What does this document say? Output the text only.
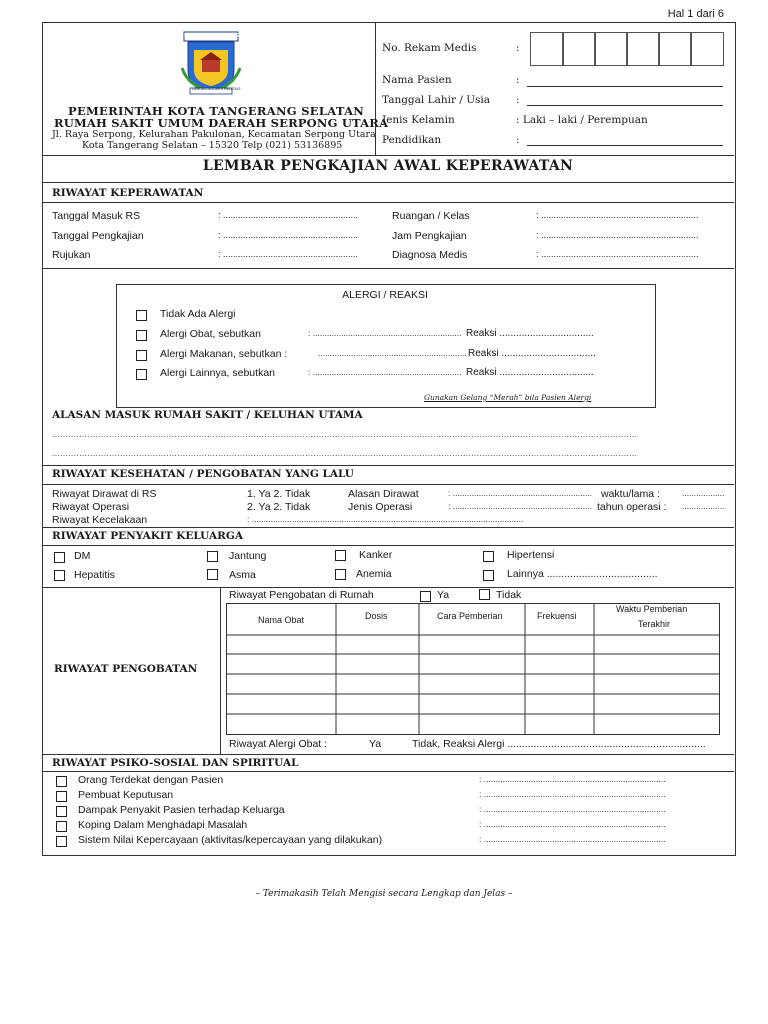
Hal 1 dari 6
KOTA TANGERANG SELATAN
CERDAS MODERN RELIGIUS
PEMERINTAH KOTA TANGERANG SELATAN
RUMAH SAKIT UMUM DAERAH SERPONG UTARA
Jl. Raya Serpong, Kelurahan Pakulonan, Kecamatan Serpong Utara
Kota Tangerang Selatan – 15320 Telp (021) 53136895
No. Rekam Medis	:
Nama Pasien	:
Tanggal Lahir / Usia :
Jenis Kelamin	: Laki – laki / Perempuan
Pendidikan	:
LEMBAR PENGKAJIAN AWAL KEPERAWATAN
RIWAYAT KEPERAWATAN
Tanggal Masuk RS	: ......................................................	Ruangan / Kelas	: ...............................................................
Tanggal Pengkajian	: ......................................................	Jam Pengkajian	: ...............................................................
Rujukan	: ......................................................	Diagnosa Medis	: ...............................................................
ALERGI / REAKSI
Tidak Ada Alergi
Alergi Obat, sebutkan	: ............................................................... Reaksi ..................................
Alergi Makanan, sebutkan :	............................................................... Reaksi ..................................
Alergi Lainnya, sebutkan	: ............................................................... Reaksi ..................................
Gunakan Gelang “Merah” bila Pasien Alergi
ALASAN MASUK RUMAH SAKIT / KELUHAN UTAMA
.......................................................................................................................................................................................................................
.......................................................................................................................................................................................................................
RIWAYAT KESEHATAN / PENGOBATAN YANG LALU
Riwayat Dirawat di RS	1. Ya 2. Tidak	Alasan Dirawat	: ........................................................... waktu/lama :	..................
Riwayat Operasi	2. Ya 2. Tidak	Jenis Operasi	: ........................................................... tahun operasi : ..................
Riwayat Kecelakaan	: ...................................................................................................................
RIWAYAT PENYAKIT KELUARGA
DM	Jantung	Kanker	Hipertensi
Hepatitis	Asma	Anemia	Lainnya ......................................
RIWAYAT PENGOBATAN
Riwayat Pengobatan di Rumah	Ya	Tidak
Nama Obat	Dosis	Cara Pemberian	Frekuensi
Waktu Pemberian
Terakhir
Riwayat Alergi Obat :	Ya	Tidak, Reaksi Alergi ....................................................................
RIWAYAT PSIKO-SOSIAL DAN SPIRITUAL
Orang Terdekat dengan Pasien	: .............................................................................
Pembuat Keputusan	: .............................................................................
Dampak Penyakit Pasien terhadap Keluarga	: .............................................................................
Koping Dalam Menghadapi Masalah	: .............................................................................
Sistem Nilai Kepercayaan (aktivitas/kepercayaan yang dilakukan)	: .............................................................................
– Terimakasih Telah Mengisi secara Lengkap dan Jelas –
